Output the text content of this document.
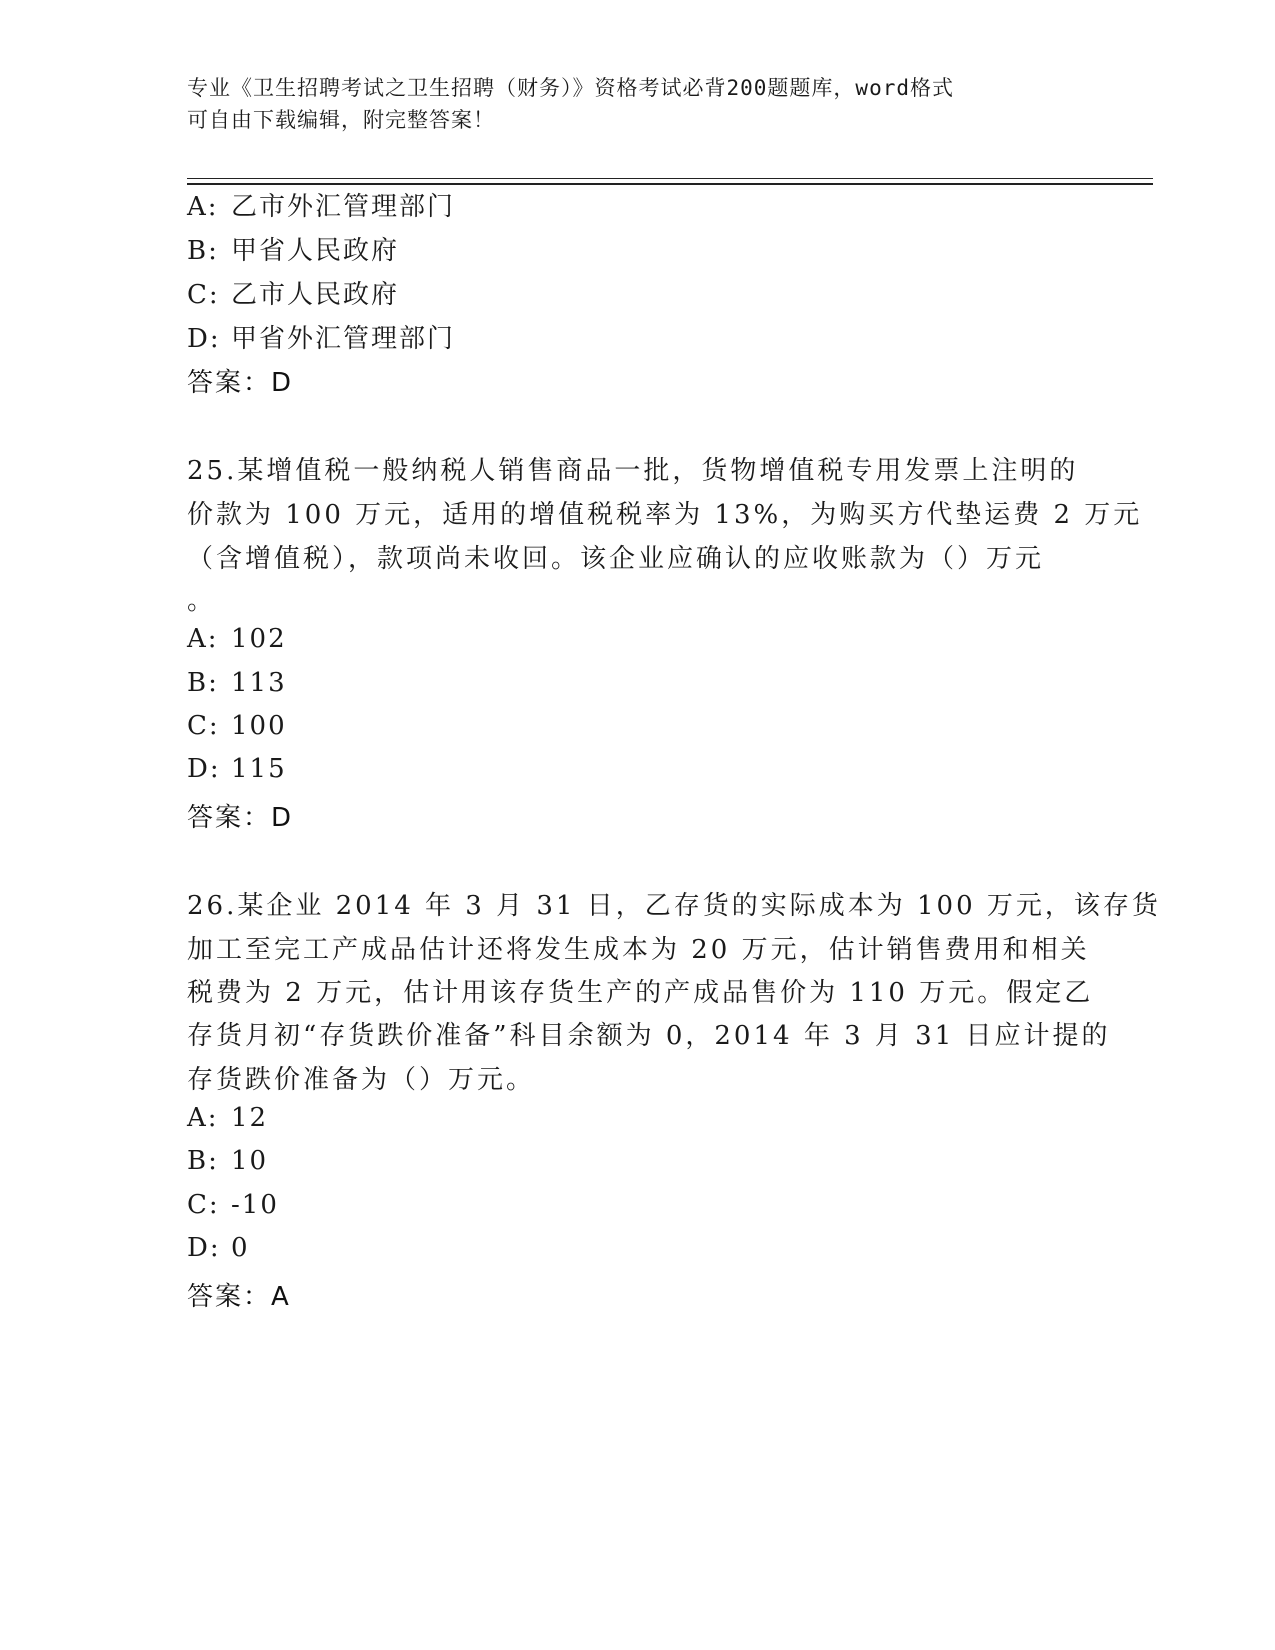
专业《卫生招聘考试之卫生招聘（财务）》资格考试必背200题题库，word格式
可自由下载编辑，附完整答案！
A: 乙市外汇管理部门
B: 甲省人民政府
C: 乙市人民政府
D: 甲省外汇管理部门
答案：D
25.某增值税一般纳税人销售商品一批，货物增值税专用发票上注明的
价款为 100 万元，适用的增值税税率为 13%，为购买方代垫运费 2 万元
（含增值税），款项尚未收回。该企业应确认的应收账款为（）万元
。
A: 102
B: 113
C: 100
D: 115
答案：D
26.某企业 2014 年 3 月 31 日，乙存货的实际成本为 100 万元，该存货
加工至完工产成品估计还将发生成本为 20 万元，估计销售费用和相关
税费为 2 万元，估计用该存货生产的产成品售价为 110 万元。假定乙
存货月初“存货跌价准备”科目余额为 0，2014 年 3 月 31 日应计提的
存货跌价准备为（）万元。
A: 12
B: 10
C: -10
D: 0
答案：A
